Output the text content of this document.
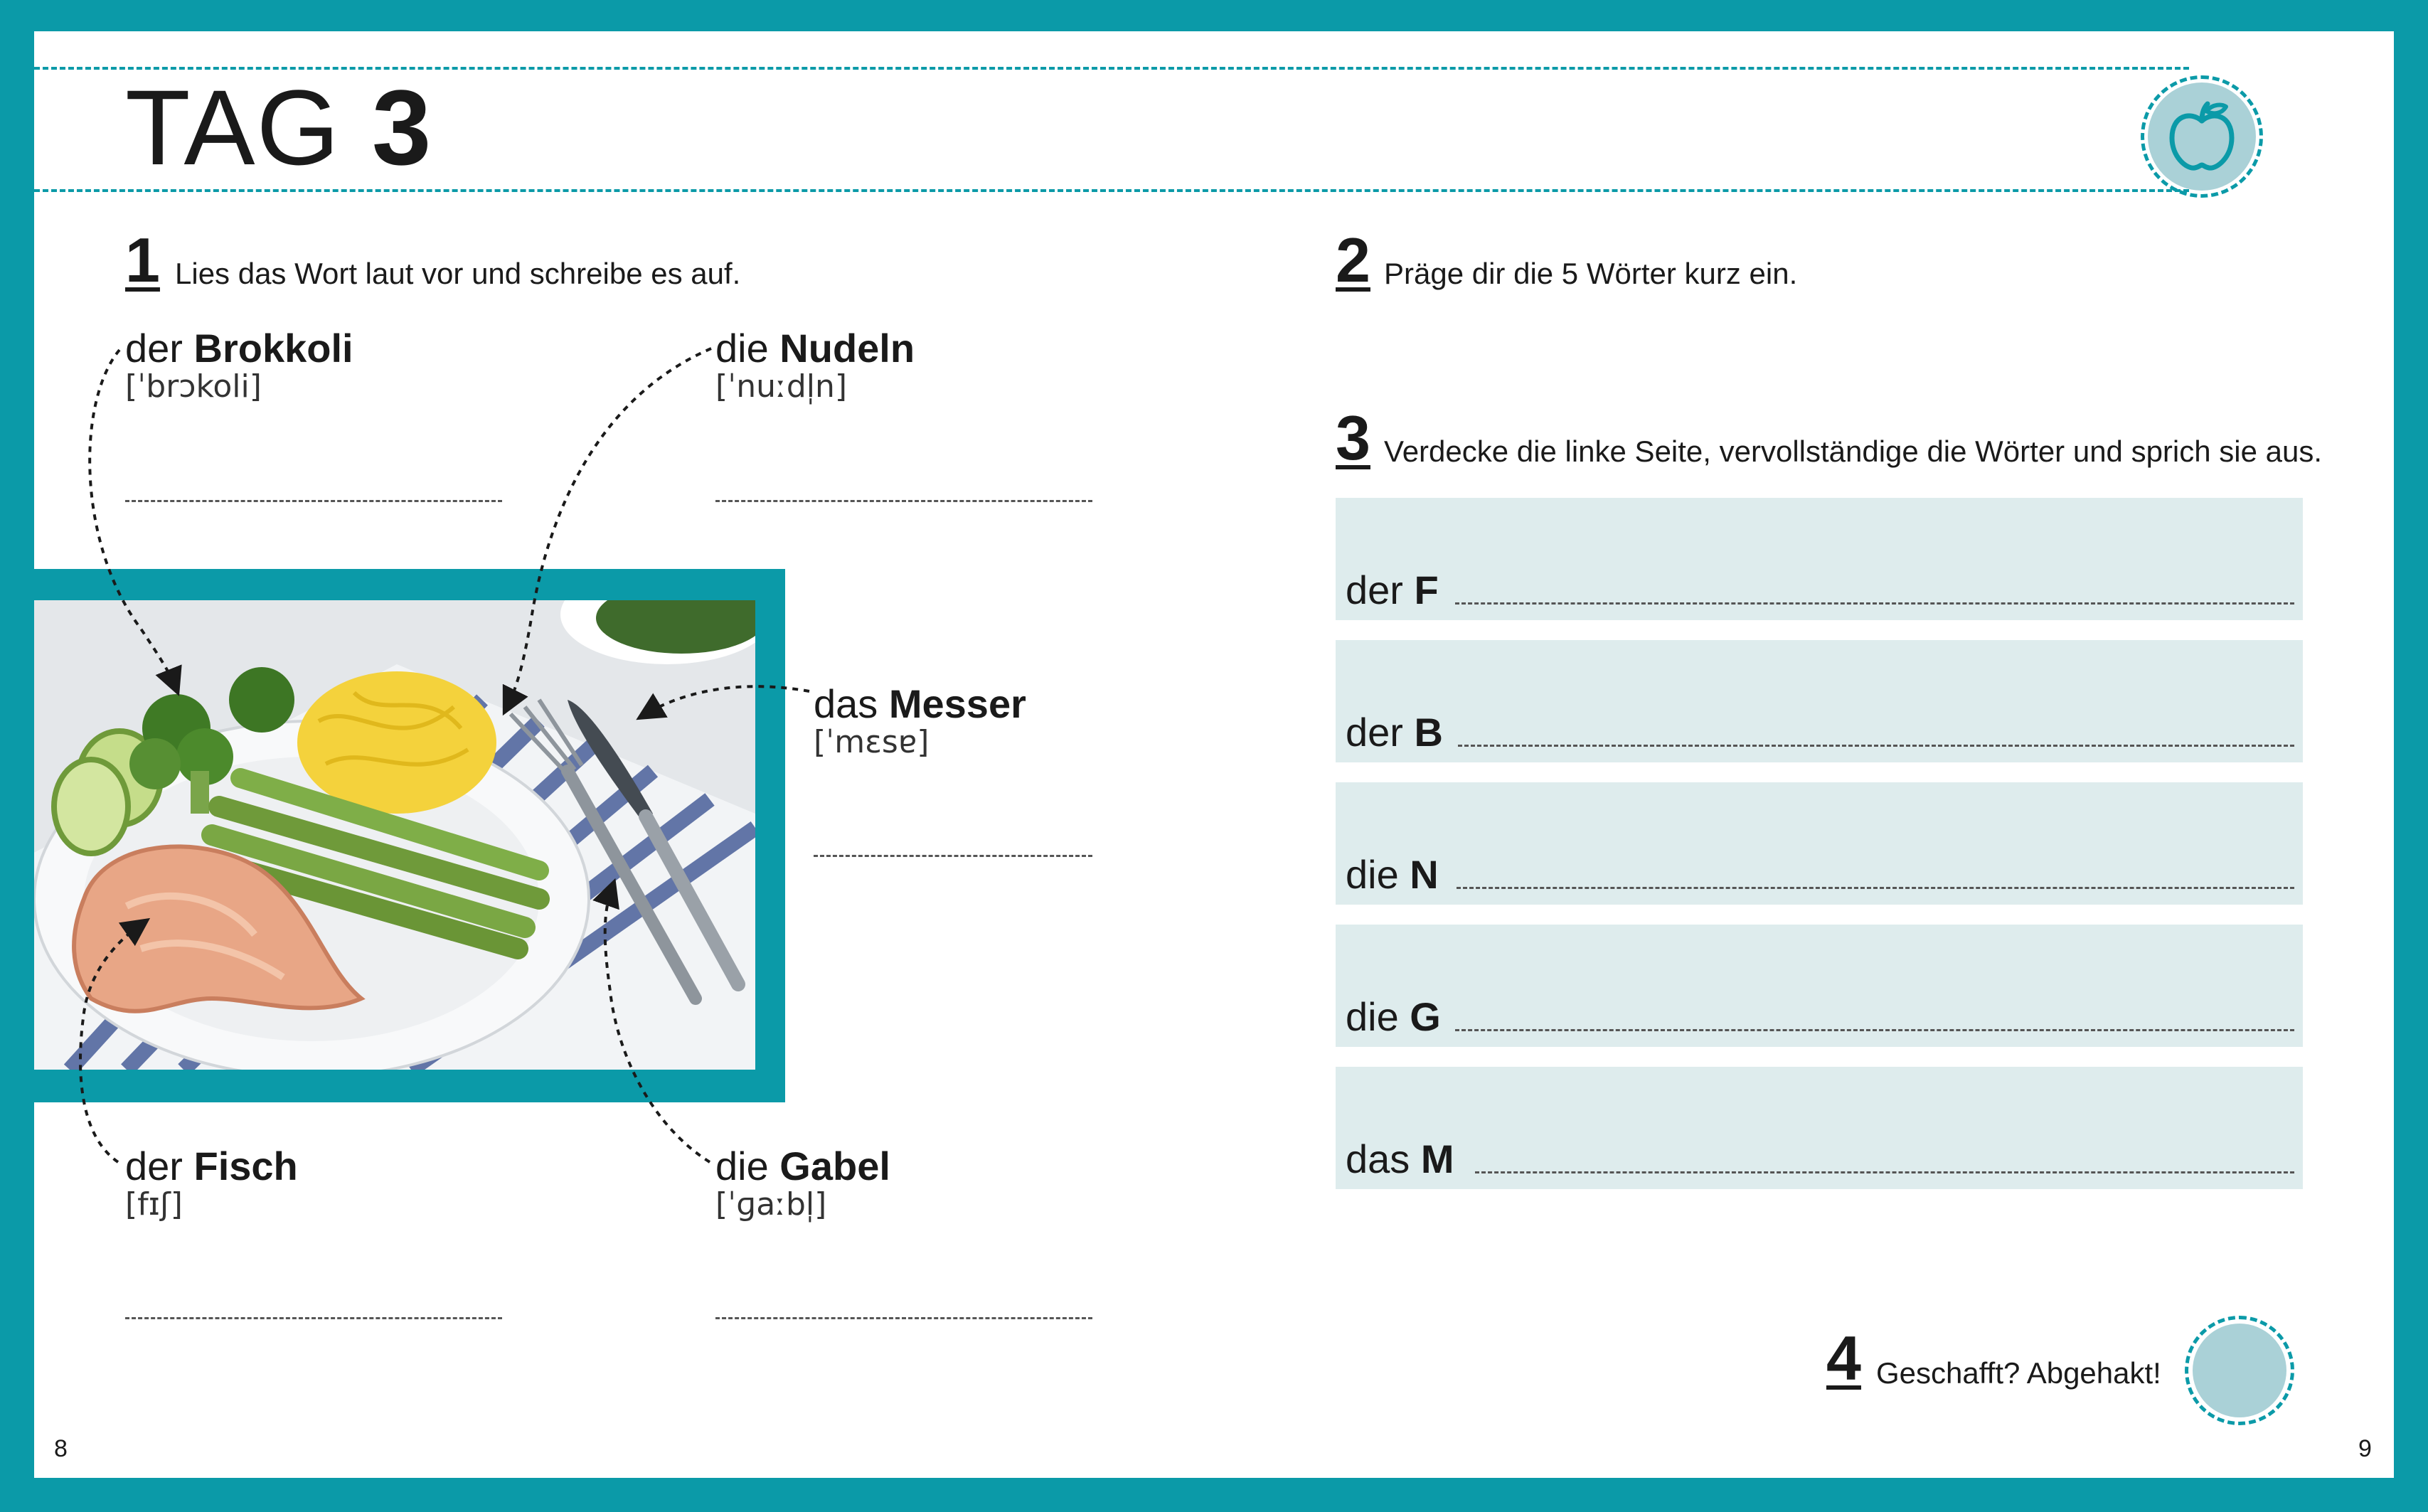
TAG 3
1 Lies das Wort laut vor und schreibe es auf.
der Brokkoli
[ˈbrɔkoli]
die Nudeln
[ˈnuːdl̩n]
das Messer
[ˈmɛsɐ]
der Fisch
[fɪʃ]
die Gabel
[ˈɡaːbl̩]
2 Präge dir die 5 Wörter kurz ein.
3 Verdecke die linke Seite, vervollständige die Wörter und sprich sie aus.
der F
der B
die N
die G
das M
4 Geschafft? Abgehakt!
8	9
